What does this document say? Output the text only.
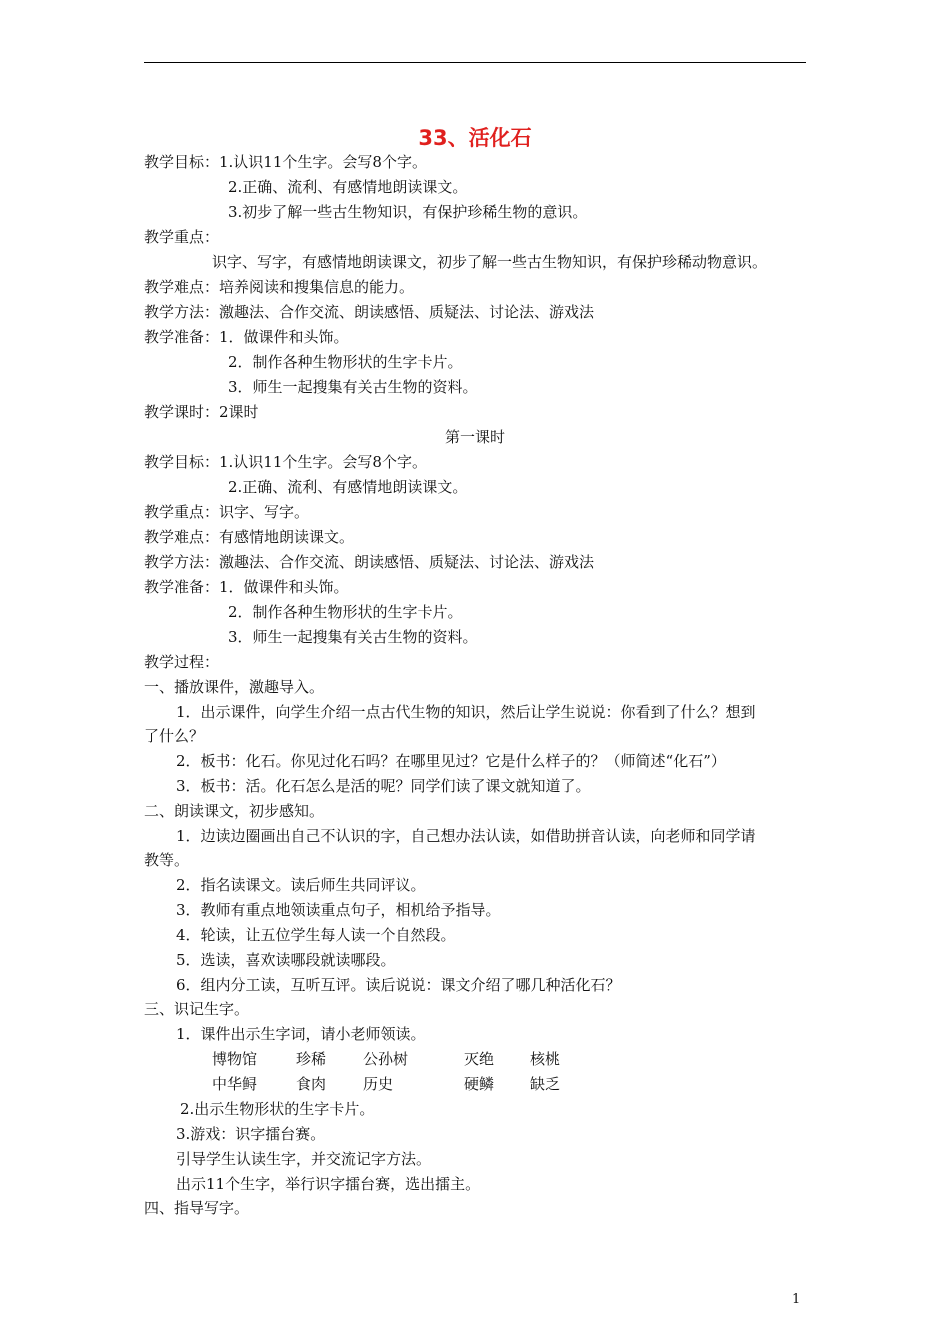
33、活化石
教学目标：1.认识11个生字。会写8个字。
2.正确、流利、有感情地朗读课文。
3.初步了解一些古生物知识，有保护珍稀生物的意识。
教学重点：
识字、写字，有感情地朗读课文，初步了解一些古生物知识，有保护珍稀动物意识。
教学难点：培养阅读和搜集信息的能力。
教学方法：激趣法、合作交流、朗读感悟、质疑法、讨论法、游戏法
教学准备：1．做课件和头饰。
2．制作各种生物形状的生字卡片。
3．师生一起搜集有关古生物的资料。
教学课时：2课时
第一课时
教学目标：1.认识11个生字。会写8个字。
2.正确、流利、有感情地朗读课文。
教学重点：识字、写字。
教学难点：有感情地朗读课文。
教学方法：激趣法、合作交流、朗读感悟、质疑法、讨论法、游戏法
教学准备：1．做课件和头饰。
2．制作各种生物形状的生字卡片。
3．师生一起搜集有关古生物的资料。
教学过程：
一、播放课件，激趣导入。
1．出示课件，向学生介绍一点古代生物的知识，然后让学生说说：你看到了什么？想到
了什么？
2．板书：化石。你见过化石吗？在哪里见过？它是什么样子的？（师简述“化石”）
3．板书：活。化石怎么是活的呢？同学们读了课文就知道了。
二、朗读课文，初步感知。
1．边读边圈画出自己不认识的字，自己想办法认读，如借助拼音认读，向老师和同学请
教等。
2．指名读课文。读后师生共同评议。
3．教师有重点地领读重点句子，相机给予指导。
4．轮读，让五位学生每人读一个自然段。
5．选读，喜欢读哪段就读哪段。
6．组内分工读，互听互评。读后说说：课文介绍了哪几种活化石？
三、识记生字。
1．课件出示生字词，请小老师领读。
博物馆	珍稀 公孙树	灭绝 核桃
中华鲟	食肉 历史	硬鳞 缺乏
2.出示生物形状的生字卡片。
3.游戏：识字擂台赛。
引导学生认读生字，并交流记字方法。
出示11个生字，举行识字擂台赛，选出擂主。
四、指导写字。
1
